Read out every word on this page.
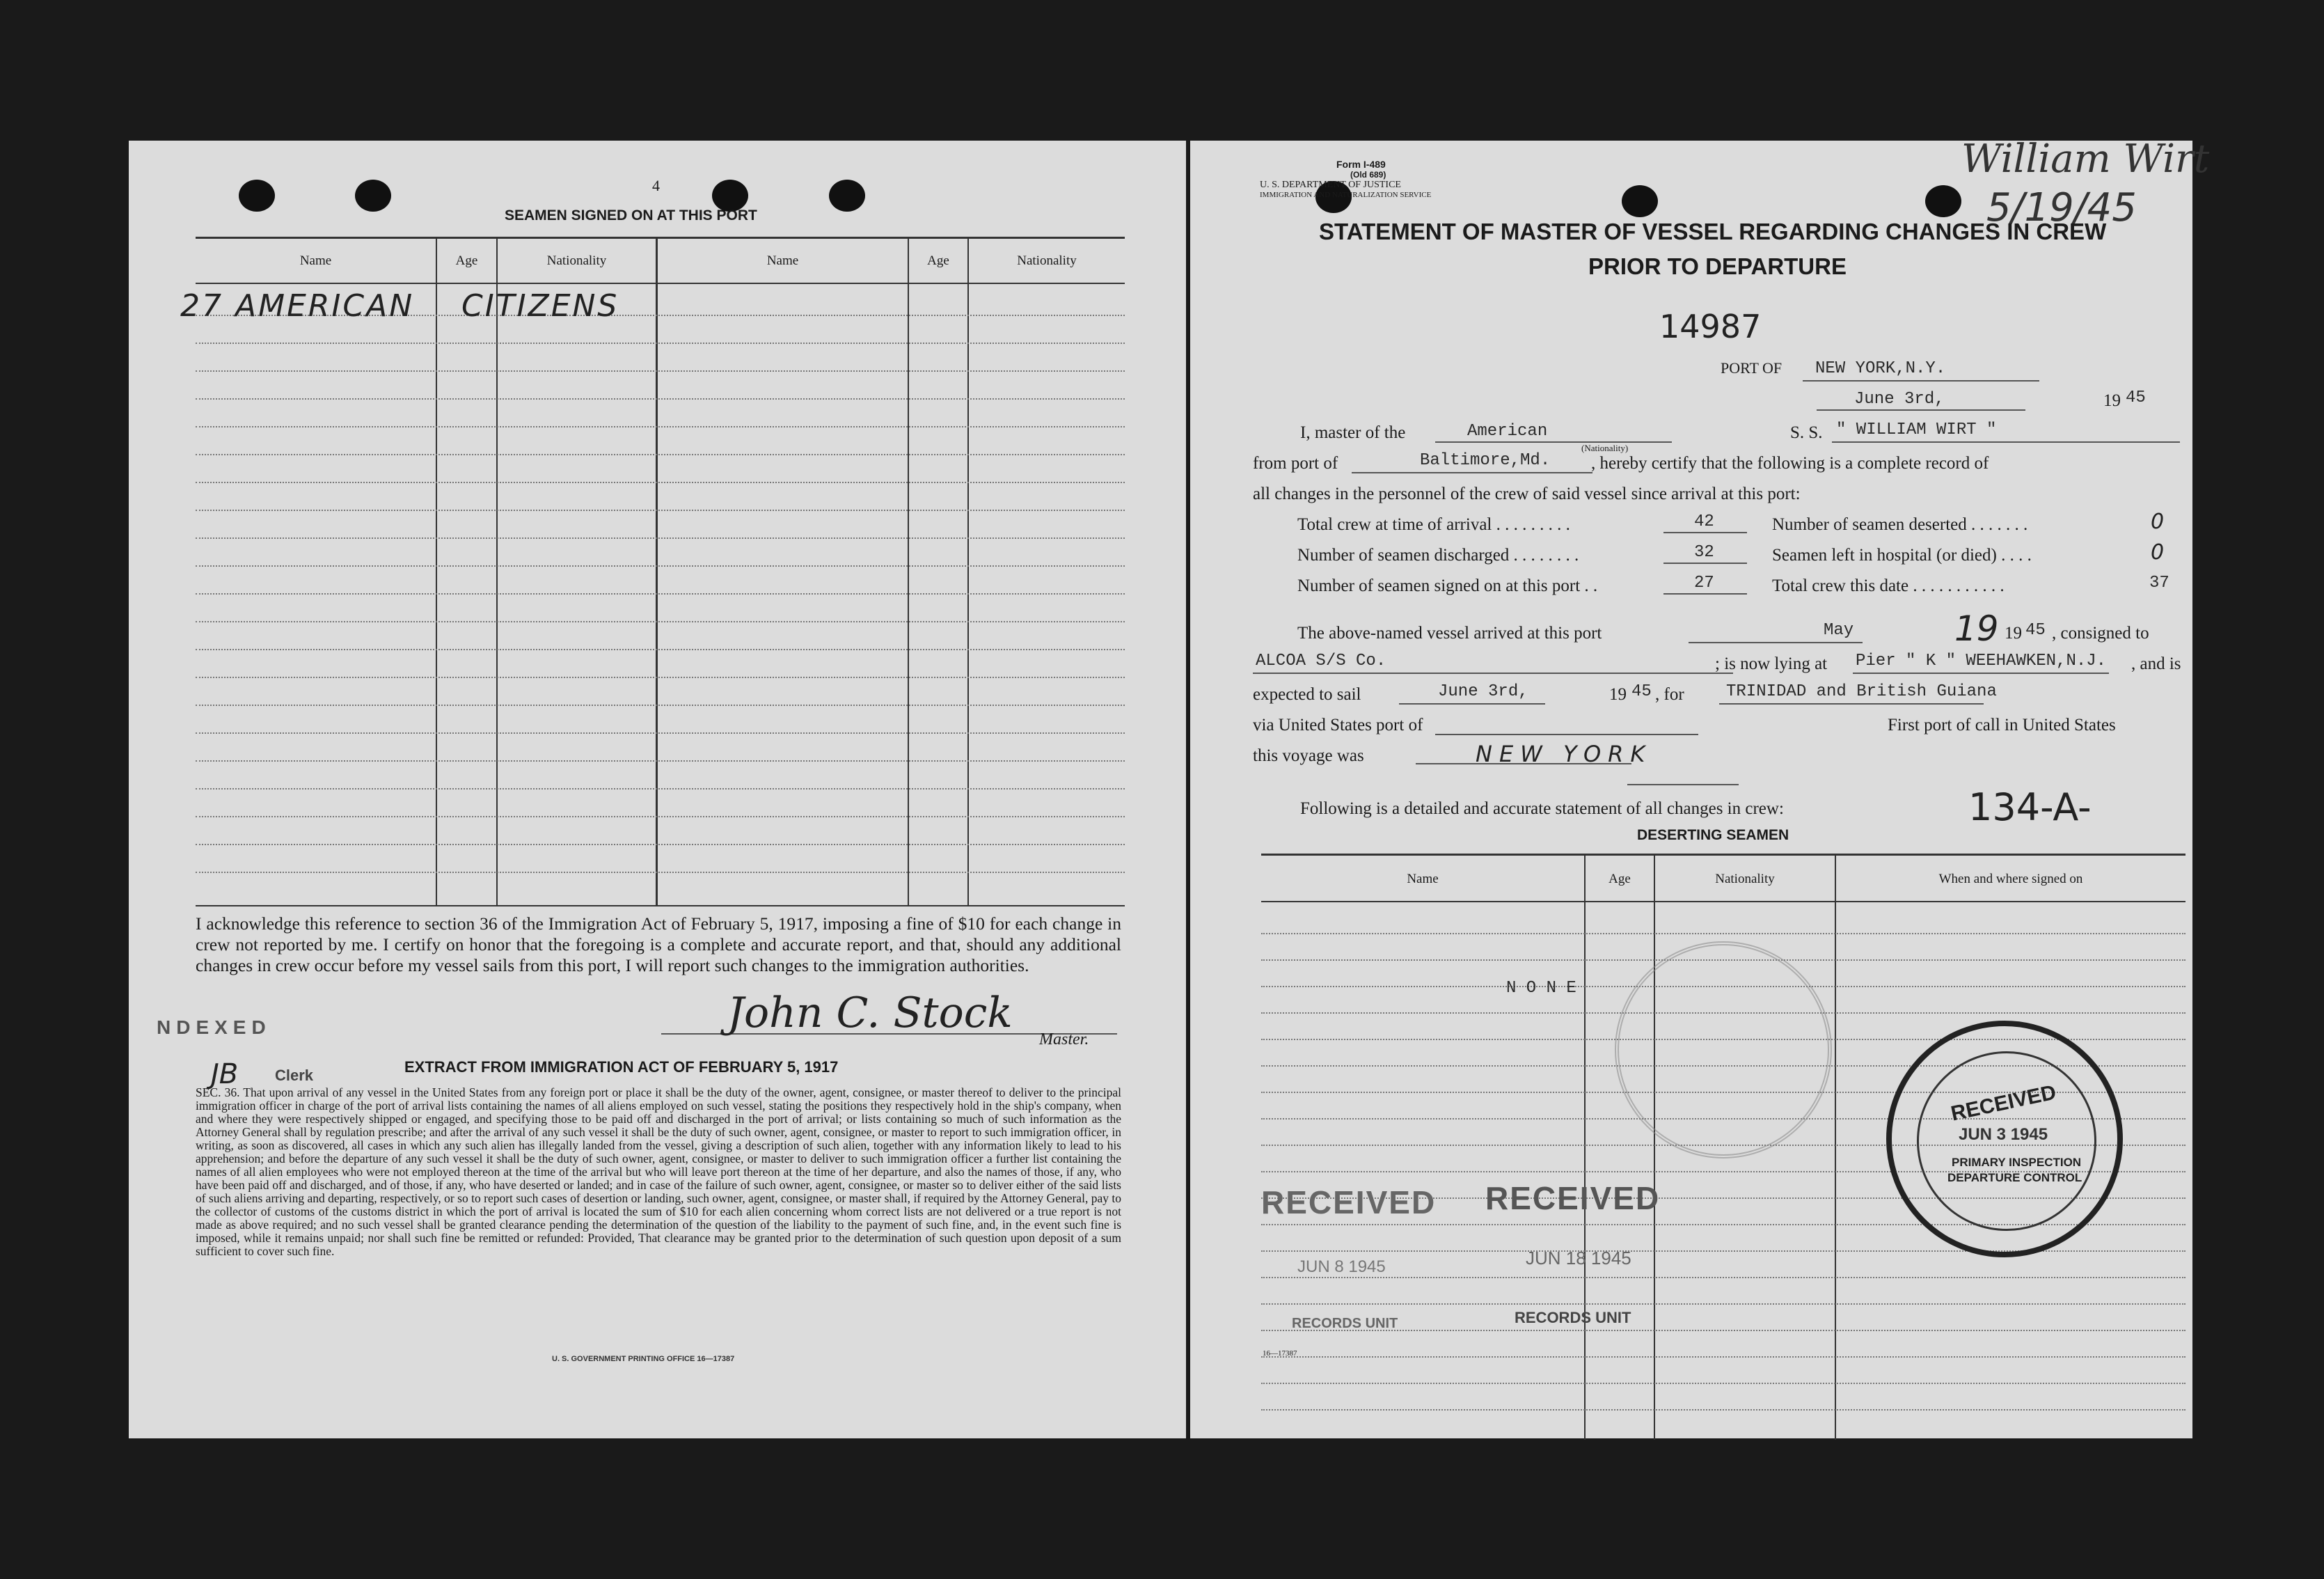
4
SEAMEN SIGNED ON AT THIS PORT
Name	Age	Nationality	Name	Age	Nationality
27 AMERICAN CITIZENS
I acknowledge this reference to section 36 of the Immigration Act of February 5, 1917, imposing a fine of $10 for each change in crew not reported by me. I certify on honor that the foregoing is a complete and accurate report, and that, should any additional changes in crew occur before my vessel sails from this port, I will report such changes to the immigration authorities.
NDEXED
JB Clerk
John C. Stock
Master.
EXTRACT FROM IMMIGRATION ACT OF FEBRUARY 5, 1917
SEC. 36. That upon arrival of any vessel in the United States from any foreign port or place it shall be the duty of the owner, agent, consignee, or master thereof to deliver to the principal immigration officer in charge of the port of arrival lists containing the names of all aliens employed on such vessel, stating the positions they respectively hold in the ship's company, when and where they were respectively shipped or engaged, and specifying those to be paid off and discharged in the port of arrival; or lists containing so much of such information as the Attorney General shall by regulation prescribe; and after the arrival of any such vessel it shall be the duty of such owner, agent, consignee, or master to report to such immigration officer, in writing, as soon as discovered, all cases in which any such alien has illegally landed from the vessel, giving a description of such alien, together with any information likely to lead to his apprehension; and before the departure of any such vessel it shall be the duty of such owner, agent, consignee, or master to deliver to such immigration officer a further list containing the names of all alien employees who were not employed thereon at the time of the arrival but who will leave port thereon at the time of her departure, and also the names of those, if any, who have been paid off and discharged, and of those, if any, who have deserted or landed; and in case of the failure of such owner, agent, consignee, or master so to deliver either of the said lists of such aliens arriving and departing, respectively, or so to report such cases of desertion or landing, such owner, agent, consignee, or master shall, if required by the Attorney General, pay to the collector of customs of the customs district in which the port of arrival is located the sum of $10 for each alien concerning whom correct lists are not delivered or a true report is not made as above required; and no such vessel shall be granted clearance pending the determination of the question of the liability to the payment of such fine, and, in the event such fine is imposed, while it remains unpaid; nor shall such fine be remitted or refunded: Provided, That clearance may be granted prior to the determination of such question upon deposit of a sum sufficient to cover such fine.
U. S. GOVERNMENT PRINTING OFFICE 16—17387
Form I-489
(Old 689)
U. S. DEPARTMENT OF JUSTICE
IMMIGRATION AND NATURALIZATION SERVICE
William Wirt
5/19/45
STATEMENT OF MASTER OF VESSEL REGARDING CHANGES IN CREW
PRIOR TO DEPARTURE
14987
PORT OF NEW YORK,N.Y.
June 3rd,	19 45
I, master of the	American
(Nationality)
S. S. " WILLIAM WIRT "
from port of	Baltimore,Md. , hereby certify that the following is a complete record of
all changes in the personnel of the crew of said vessel since arrival at this port:
Total crew at time of arrival . . . . . . . . .	42	Number of seamen deserted . . . . . . .	0
Number of seamen discharged . . . . . . . .	32	Seamen left in hospital (or died) . . . .	0
Number of seamen signed on at this port . .	27	Total crew this date . . . . . . . . . . .	37
The above-named vessel arrived at this port	May	19 19 45 , consigned to
ALCOA S/S Co.	; is now lying at Pier " K " WEEHAWKEN,N.J. , and is
expected to sail	June 3rd,	19 45 , for	TRINIDAD and British Guiana
via United States port of	First port of call in United States
this voyage was	NEW YORK
Following is a detailed and accurate statement of all changes in crew:	134-A-
DESERTING SEAMEN
Name	Age	Nationality	When and where signed on
N O N E
RECEIVED
JUN 3 1945
PRIMARY INSPECTION
DEPARTURE CONTROL
RECEIVED RECEIVED
JUN 8 1945	JUN 18 1945
RECORDS UNIT	RECORDS UNIT
16—17387
